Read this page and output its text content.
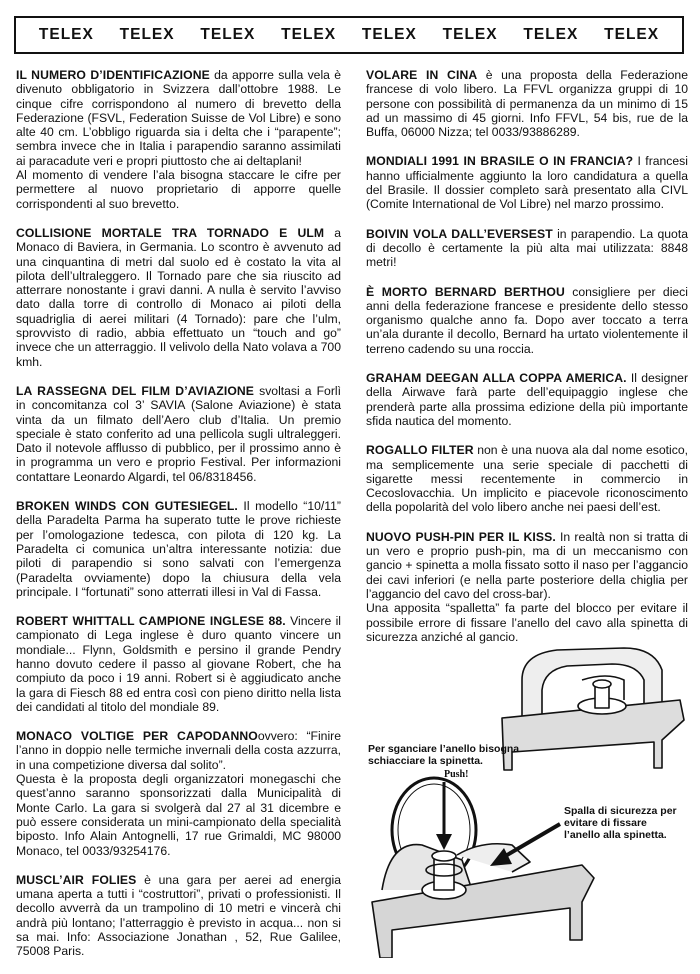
TELEX TELEX TELEX TELEX TELEX TELEX TELEX TELEX

IL NUMERO D’IDENTIFICAZIONE da apporre sulla vela è divenuto obbligatorio in Svizzera dall’ottobre 1988. Le cinque cifre corrispondono al numero di brevetto della Federazione (FSVL, Federation Suisse de Vol Libre) e sono alte 40 cm. L’obbligo riguarda sia i delta che i “parapente”; sembra invece che in Italia i parapendio saranno assimilati ai paracadute veri e propri piuttosto che ai deltaplani!

Al momento di vendere l’ala bisogna staccare le cifre per permettere al nuovo proprietario di apporre quelle corrispondenti al suo brevetto.

COLLISIONE MORTALE TRA TORNADO E ULM a Monaco di Baviera, in Germania. Lo scontro è avvenuto ad una cinquantina di metri dal suolo ed è costato la vita al pilota dell’ultraleggero. Il Tornado pare che sia riuscito ad atterrare nonostante i gravi danni. A nulla è servito l’avviso dato dalla torre di controllo di Monaco ai piloti della squadriglia di aerei militari (4 Tornado): pare che l’ulm, sprovvisto di radio, abbia effettuato un “touch and go” invece che un atterraggio. Il velivolo della Nato volava a 700 kmh.

LA RASSEGNA DEL FILM D’AVIAZIONE svoltasi a Forlì in concomitanza col 3’ SAVIA (Salone Aviazione) è stata vinta da un filmato dell’Aero club d’Italia. Un premio speciale è stato conferito ad una pellicola sugli ultraleggeri. Dato il notevole afflusso di pubblico, per il prossimo anno è in programma un vero e proprio Festival. Per informazioni contattare Leonardo Algardi, tel 06/8318456.

BROKEN WINDS CON GUTESIEGEL. Il modello “10/11” della Paradelta Parma ha superato tutte le prove richieste per l’omologazione tedesca, con pilota di 120 kg. La Paradelta ci comunica un’altra interessante notizia: due piloti di parapendio si sono salvati con l’emergenza (Paradelta ovviamente) dopo la chiusura della vela principale. I “fortunati” sono atterrati illesi in Val di Fassa.

ROBERT WHITTALL CAMPIONE INGLESE 88. Vincere il campionato di Lega inglese è duro quanto vincere un mondiale... Flynn, Goldsmith e persino il grande Pendry hanno dovuto cedere il passo al giovane Robert, che ha compiuto da poco i 19 anni. Robert si è aggiudicato anche la gara di Fiesch 88 ed entra così con pieno diritto nella lista dei candidati al titolo del mondiale 89.

MONACO VOLTIGE PER CAPODANNOovvero: “Finire l’anno in doppio nelle termiche invernali della costa azzurra, in una competizione diversa dal solito”.

Questa è la proposta degli organizzatori monegaschi che quest’anno saranno sponsorizzati dalla Municipalità di Monte Carlo. La gara si svolgerà dal 27 al 31 dicembre e può essere considerata un mini-campionato della specialità biposto. Info Alain Antognelli, 17 rue Grimaldi, MC 98000 Monaco, tel 0033/93254176.

MUSCL’AIR FOLIES è una gara per aerei ad energia umana aperta a tutti i “costruttori”, privati o professionisti. Il decollo avverrà da un trampolino di 10 metri e vincerà chi andrà più lontano; l’atterraggio è previsto in acqua... non si sa mai. Info: Associazione Jonathan , 52, Rue Galilee, 75008 Paris.

VOLARE IN CINA è una proposta della Federazione francese di volo libero. La FFVL organizza gruppi di 10 persone con possibilità di permanenza da un minimo di 15 ad un massimo di 45 giorni. Info FFVL, 54 bis, rue de la Buffa, 06000 Nizza; tel 0033/93886289.

MONDIALI 1991 IN BRASILE O IN FRANCIA? I francesi hanno ufficialmente aggiunto la loro candidatura a quella del Brasile. Il dossier completo sarà presentato alla CIVL (Comite International de Vol Libre) nel marzo prossimo.

BOIVIN VOLA DALL’EVERSEST in parapendio. La quota di decollo è certamente la più alta mai utilizzata: 8848 metri!

È MORTO BERNARD BERTHOU consigliere per dieci anni della federazione francese e presidente dello stesso organismo qualche anno fa. Dopo aver toccato a terra un’ala durante il decollo, Bernard ha urtato violentemente il terreno cadendo su una roccia.

GRAHAM DEEGAN ALLA COPPA AMERICA. Il designer della Airwave farà parte dell’equipaggio inglese che prenderà parte alla prossima edizione della più importante sfida nautica del momento.

ROGALLO FILTER non è una nuova ala dal nome esotico, ma semplicemente una serie speciale di pacchetti di sigarette messi recentemente in commercio in Cecoslovacchia. Un implicito e piacevole riconoscimento della popolarità del volo libero anche nei paesi dell’est.

NUOVO PUSH-PIN PER IL KISS. In realtà non si tratta di un vero e proprio push-pin, ma di un meccanismo con gancio + spinetta a molla fissato sotto il naso per l’aggancio dei cavi inferiori (e nella parte posteriore della chiglia per l’aggancio del cavo del cross-bar).

Una apposita “spalletta” fa parte del blocco per evitare il possibile errore di fissare l’anello del cavo alla spinetta di sicurezza anziché al gancio.

Per sganciare l’anello bisogna schiacciare la spinetta.
Push!
Spalla di sicurezza per evitare di fissare l’anello alla spinetta.
